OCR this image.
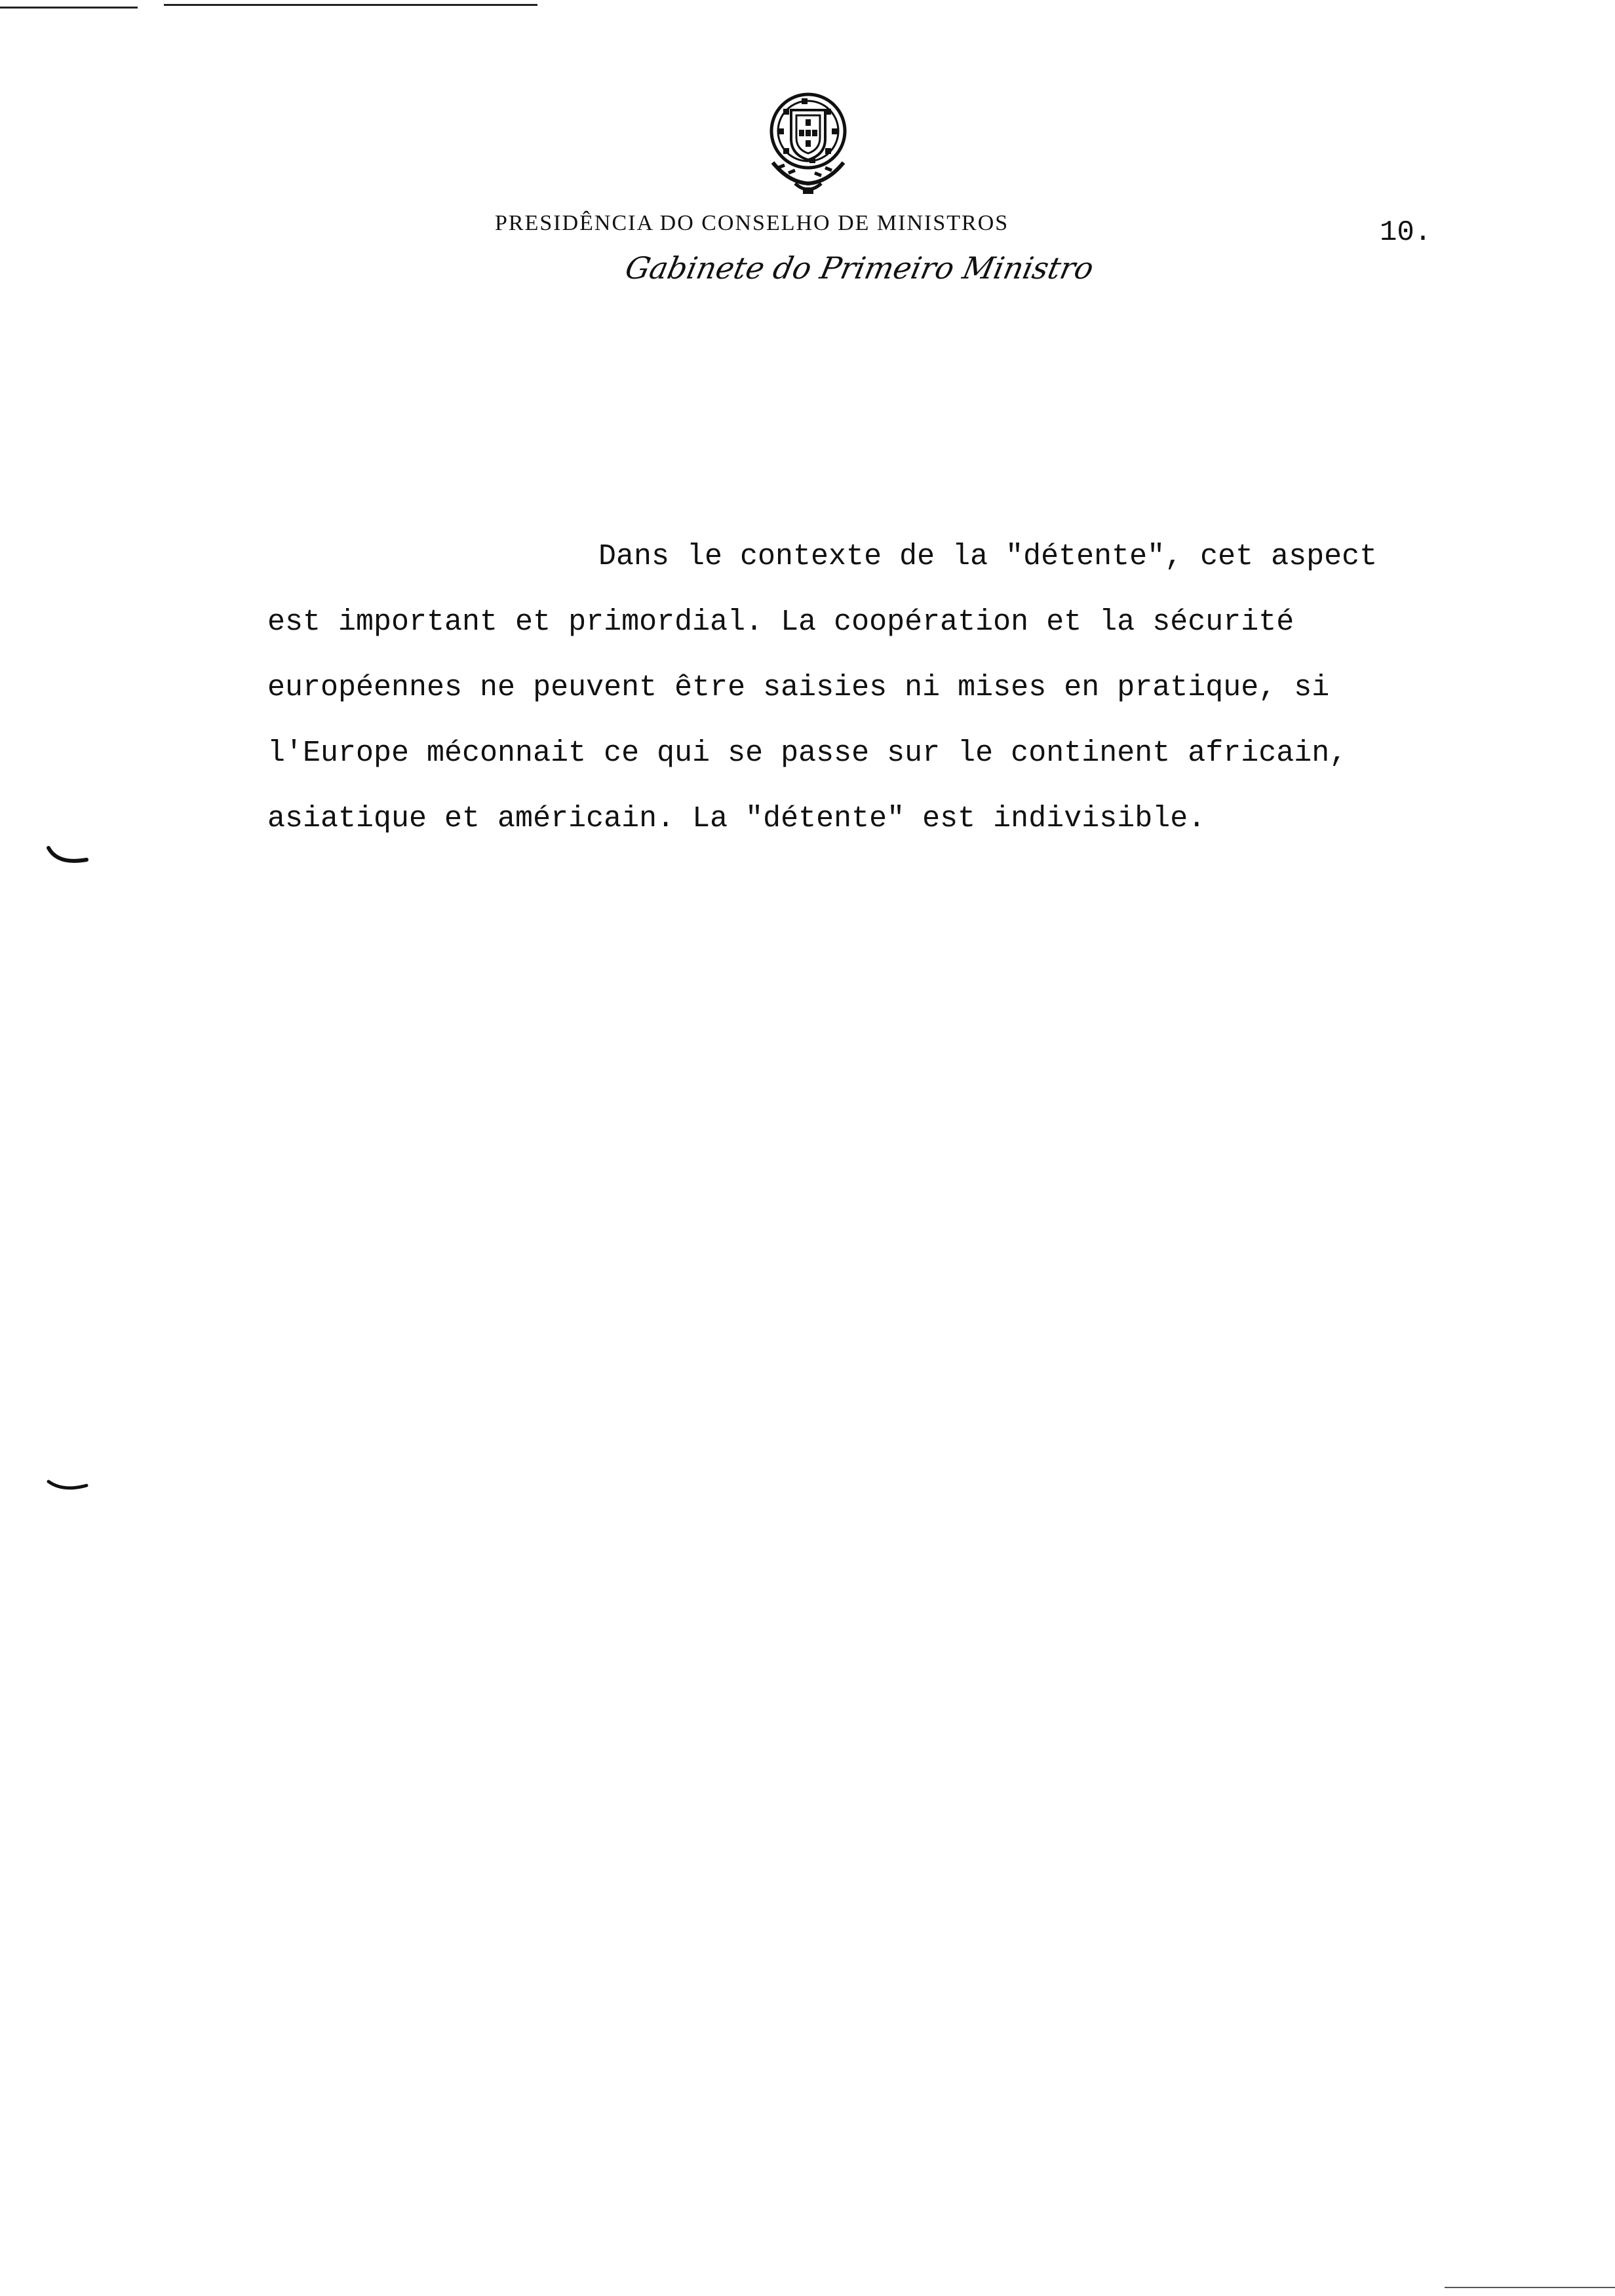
PRESIDÊNCIA DO CONSELHO DE MINISTROS
Gabinete do Primeiro Ministro
10.
Dans le contexte de la "détente", cet aspect
est important et primordial. La coopération et la sécurité
européennes ne peuvent être saisies ni mises en pratique, si
l'Europe méconnait ce qui se passe sur le continent africain,
asiatique et américain. La "détente" est indivisible.
